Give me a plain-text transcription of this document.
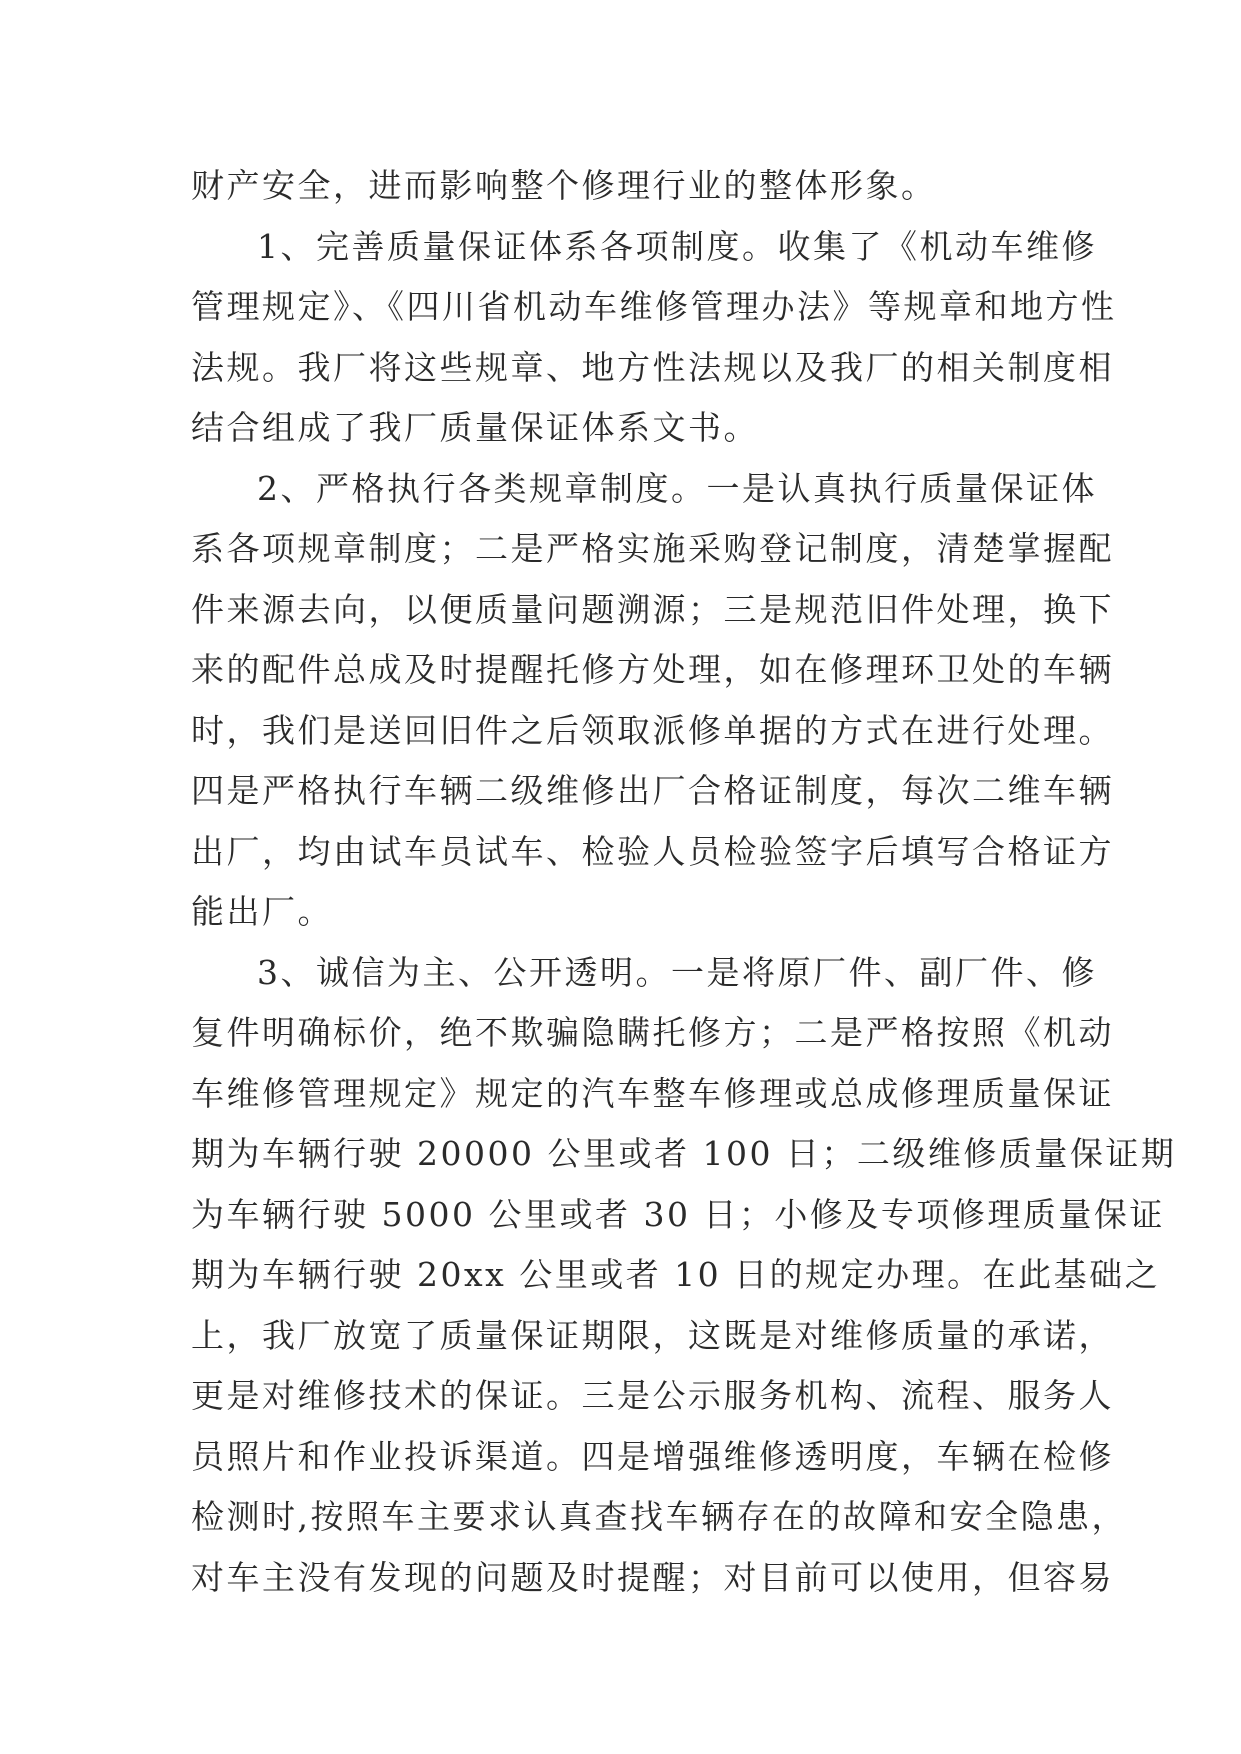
财产安全，进而影响整个修理行业的整体形象。
1、完善质量保证体系各项制度。收集了《机动车维修
管理规定》、《四川省机动车维修管理办法》等规章和地方性
法规。我厂将这些规章、地方性法规以及我厂的相关制度相
结合组成了我厂质量保证体系文书。
2、严格执行各类规章制度。一是认真执行质量保证体
系各项规章制度；二是严格实施采购登记制度，清楚掌握配
件来源去向，以便质量问题溯源；三是规范旧件处理，换下
来的配件总成及时提醒托修方处理，如在修理环卫处的车辆
时，我们是送回旧件之后领取派修单据的方式在进行处理。
四是严格执行车辆二级维修出厂合格证制度，每次二维车辆
出厂，均由试车员试车、检验人员检验签字后填写合格证方
能出厂。
3、诚信为主、公开透明。一是将原厂件、副厂件、修
复件明确标价，绝不欺骗隐瞒托修方；二是严格按照《机动
车维修管理规定》规定的汽车整车修理或总成修理质量保证
期为车辆行驶 20000 公里或者 100 日；二级维修质量保证期
为车辆行驶 5000 公里或者 30 日；小修及专项修理质量保证
期为车辆行驶 20xx 公里或者 10 日的规定办理。在此基础之
上，我厂放宽了质量保证期限，这既是对维修质量的承诺，
更是对维修技术的保证。三是公示服务机构、流程、服务人
员照片和作业投诉渠道。四是增强维修透明度，车辆在检修
检测时,按照车主要求认真查找车辆存在的故障和安全隐患，
对车主没有发现的问题及时提醒；对目前可以使用，但容易
